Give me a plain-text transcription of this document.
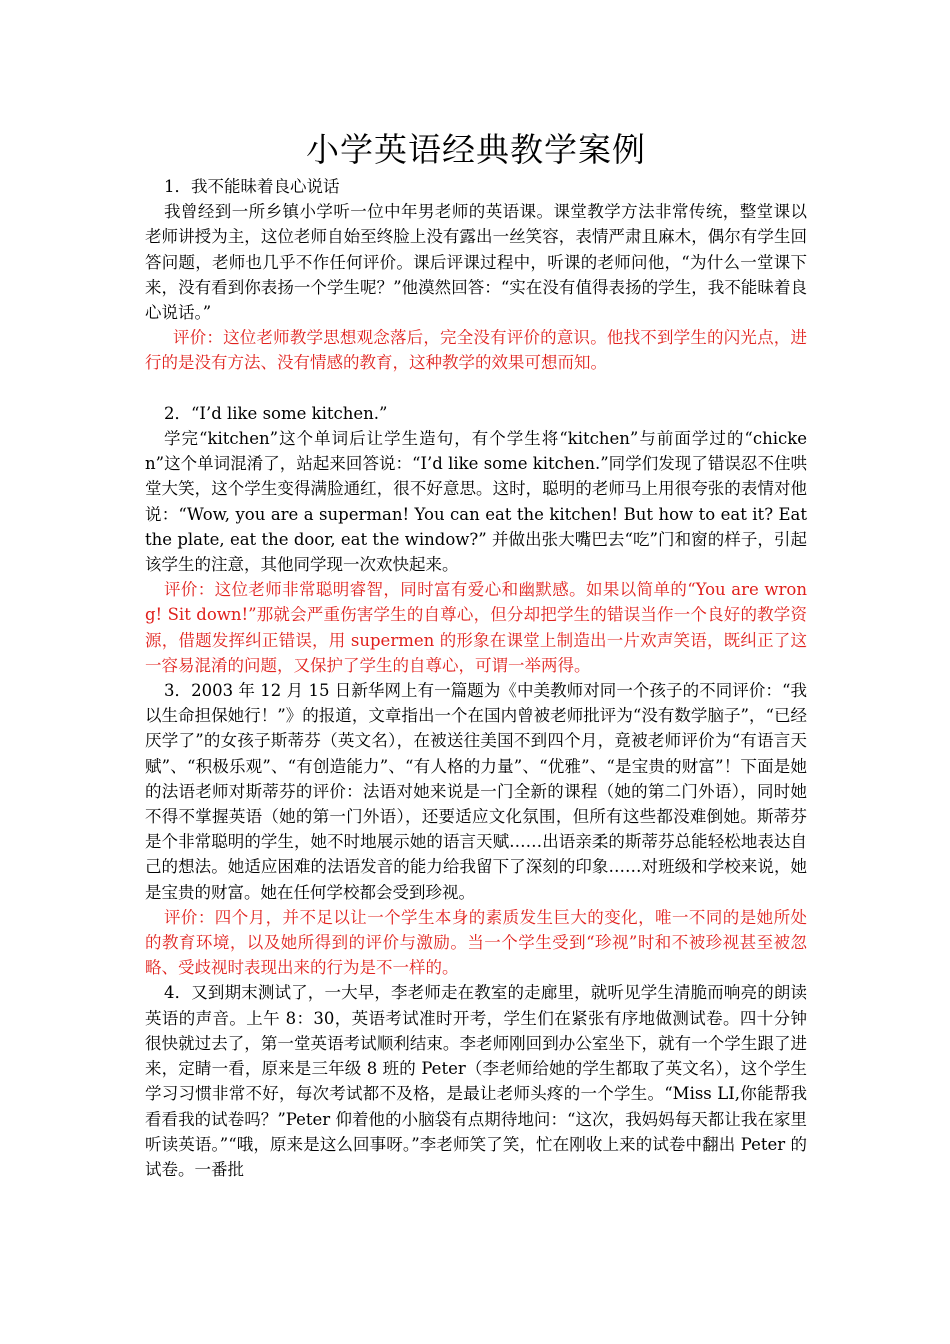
小学英语经典教学案例

1．我不能昧着良心说话

我曾经到一所乡镇小学听一位中年男老师的英语课。课堂教学方法非常传统，整堂课以老师讲授为主，这位老师自始至终脸上没有露出一丝笑容，表情严肃且麻木，偶尔有学生回答问题，老师也几乎不作任何评价。课后评课过程中，听课的老师问他，“为什么一堂课下来，没有看到你表扬一个学生呢？”他漠然回答：“实在没有值得表扬的学生，我不能昧着良心说话。”

评价：这位老师教学思想观念落后，完全没有评价的意识。他找不到学生的闪光点，进行的是没有方法、没有情感的教育，这种教学的效果可想而知。

2．“I’d like some kitchen.”

学完“kitchen”这个单词后让学生造句，有个学生将“kitchen”与前面学过的“chicken”这个单词混淆了，站起来回答说：“I’d like some kitchen.”同学们发现了错误忍不住哄堂大笑，这个学生变得满脸通红，很不好意思。这时，聪明的老师马上用很夸张的表情对他说：“Wow, you are a superman! You can eat the kitchen! But how to eat it? Eat the plate, eat the door, eat the window?” 并做出张大嘴巴去“吃”门和窗的样子，引起该学生的注意，其他同学现一次欢快起来。

评价：这位老师非常聪明睿智，同时富有爱心和幽默感。如果以简单的“You are wrong! Sit down!”那就会严重伤害学生的自尊心，但分却把学生的错误当作一个良好的教学资源，借题发挥纠正错误，用 supermen 的形象在课堂上制造出一片欢声笑语，既纠正了这一容易混淆的问题，又保护了学生的自尊心，可谓一举两得。

3．2003 年 12 月 15 日新华网上有一篇题为《中美教师对同一个孩子的不同评价：“我以生命担保她行！”》的报道，文章指出一个在国内曾被老师批评为“没有数学脑子”，“已经厌学了”的女孩子斯蒂芬（英文名），在被送往美国不到四个月，竟被老师评价为“有语言天赋”、“积极乐观”、“有创造能力”、“有人格的力量”、“优雅”、“是宝贵的财富”！下面是她的法语老师对斯蒂芬的评价：法语对她来说是一门全新的课程（她的第二门外语），同时她不得不掌握英语（她的第一门外语），还要适应文化氛围，但所有这些都没难倒她。斯蒂芬是个非常聪明的学生，她不时地展示她的语言天赋……出语亲柔的斯蒂芬总能轻松地表达自己的想法。她适应困难的法语发音的能力给我留下了深刻的印象……对班级和学校来说，她是宝贵的财富。她在任何学校都会受到珍视。

评价：四个月，并不足以让一个学生本身的素质发生巨大的变化，唯一不同的是她所处的教育环境，以及她所得到的评价与激励。当一个学生受到“珍视”时和不被珍视甚至被忽略、受歧视时表现出来的行为是不一样的。

4．又到期末测试了，一大早，李老师走在教室的走廊里，就听见学生清脆而响亮的朗读英语的声音。上午 8：30，英语考试准时开考，学生们在紧张有序地做测试卷。四十分钟很快就过去了，第一堂英语考试顺利结束。李老师刚回到办公室坐下，就有一个学生跟了进来，定睛一看，原来是三年级 8 班的 Peter（李老师给她的学生都取了英文名），这个学生学习习惯非常不好，每次考试都不及格，是最让老师头疼的一个学生。“Miss LI,你能帮我看看我的试卷吗？”Peter 仰着他的小脑袋有点期待地问：“这次，我妈妈每天都让我在家里听读英语。”“哦，原来是这么回事呀。”李老师笑了笑，忙在刚收上来的试卷中翻出 Peter 的试卷。一番批
